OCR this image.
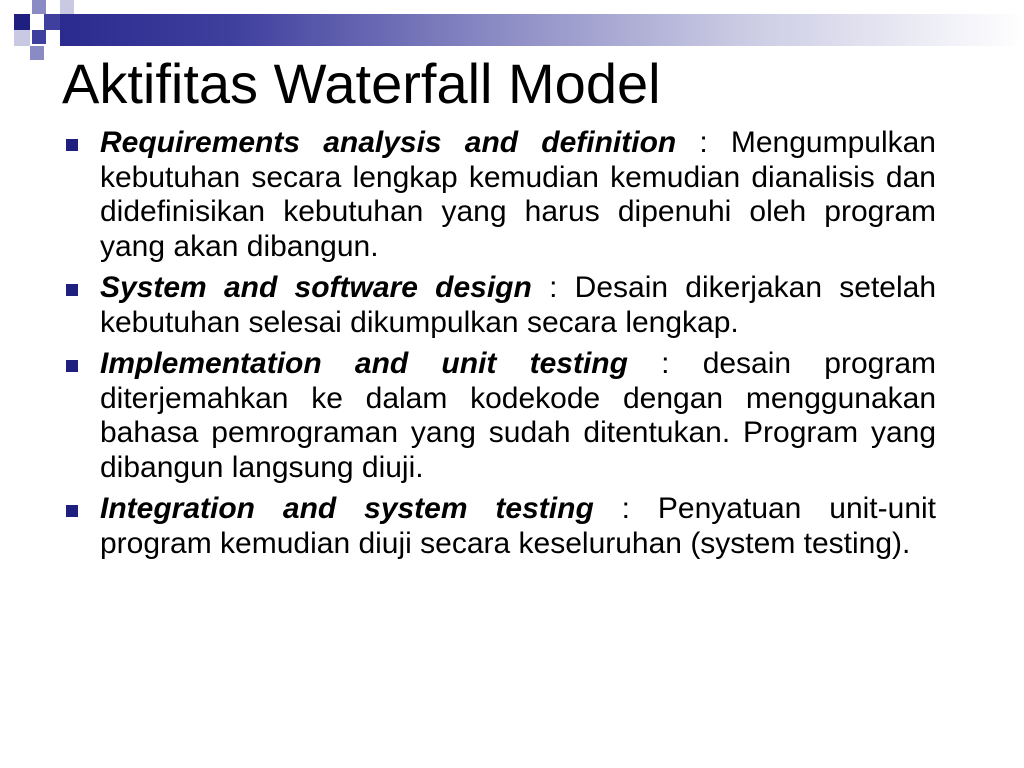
Aktifitas Waterfall Model
Requirements analysis and definition : Mengumpulkan kebutuhan secara lengkap kemudian kemudian dianalisis dan didefinisikan kebutuhan yang harus dipenuhi oleh program yang akan dibangun.
System and software design : Desain dikerjakan setelah kebutuhan selesai dikumpulkan secara lengkap.
Implementation and unit testing : desain program diterjemahkan ke dalam kodekode dengan menggunakan bahasa pemrograman yang sudah ditentukan. Program yang dibangun langsung diuji.
Integration and system testing : Penyatuan unit-unit program kemudian diuji secara keseluruhan (system testing).
